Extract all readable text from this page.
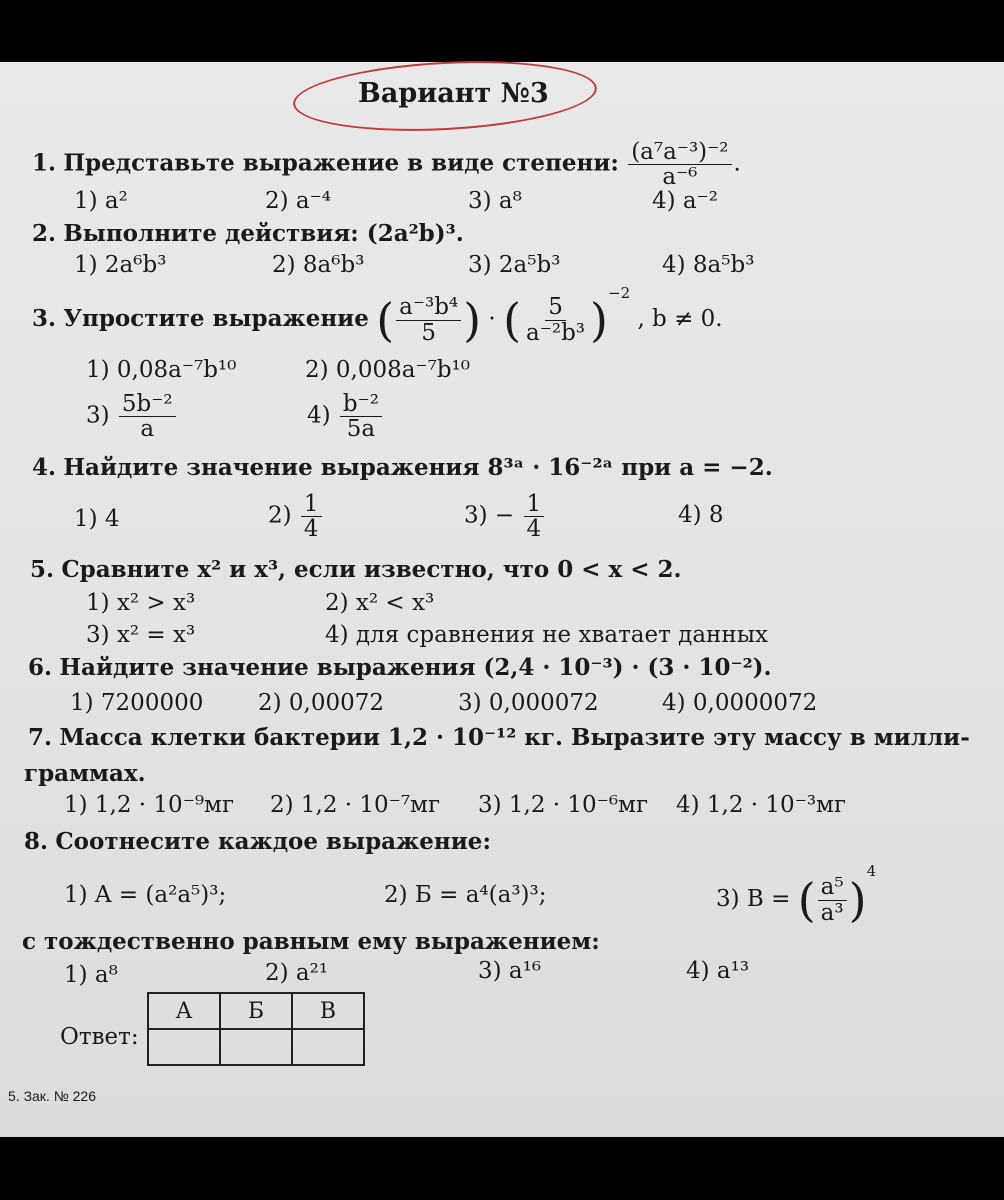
Вариант №3
1. Представьте выражение в виде степени: $\frac{\text{(a⁷a⁻³)⁻²}}{\text{a⁻⁶}}$ .
1) a²	2) a⁻⁴	3) a⁸	4) a⁻²
2. Выполните действия: (2a²b)³.
1) 2a⁶b³	2) 8a⁶b³	3) 2a⁵b³	4) 8a⁵b³
3. Упростите выражение ( $\frac{\text{a⁻³b⁴}}{5}$ ) · ( $\frac{5}{\text{a⁻²b³}} )^{-2}$ , b ≠ 0.
1) 0,08a⁻⁷b¹⁰	2) 0,008a⁻⁷b¹⁰
$3) \frac{\text{5b⁻²}}{a}$	$4) \frac{\text{b⁻²}}{5a}$
4. Найдите значение выражения 8³ᵃ · 16⁻²ᵃ при a = −2.
1) 4	$2) \frac{1}{4}$	$3) - \frac{1}{4}$	4) 8
5. Сравните x² и x³, если известно, что 0 < x < 2.
1) x² > x³	2) x² < x³
3) x² = x³	4) для сравнения не хватает данных
6. Найдите значение выражения (2,4 · 10⁻³) · (3 · 10⁻²).
1) 7200000 2) 0,00072	3) 0,000072	4) 0,0000072
7. Масса клетки бактерии 1,2 · 10⁻¹² кг. Выразите эту массу в милли-
граммах.
1) 1,2 · 10⁻⁹мг 2) 1,2 · 10⁻⁷мг 3) 1,2 · 10⁻⁶мг 4) 1,2 · 10⁻³мг
8. Соотнесите каждое выражение:
1) A = (a²a⁵)³;	2) Б = a⁴(a³)³;	3) В = ( $\frac{\text{a⁵}}{\text{a³}} )^4$
с тождественно равным ему выражением:
1) a⁸	2) a²¹	3) a¹⁶	4) a¹³
Ответ:
А	Б	В

5. Зак. № 226
